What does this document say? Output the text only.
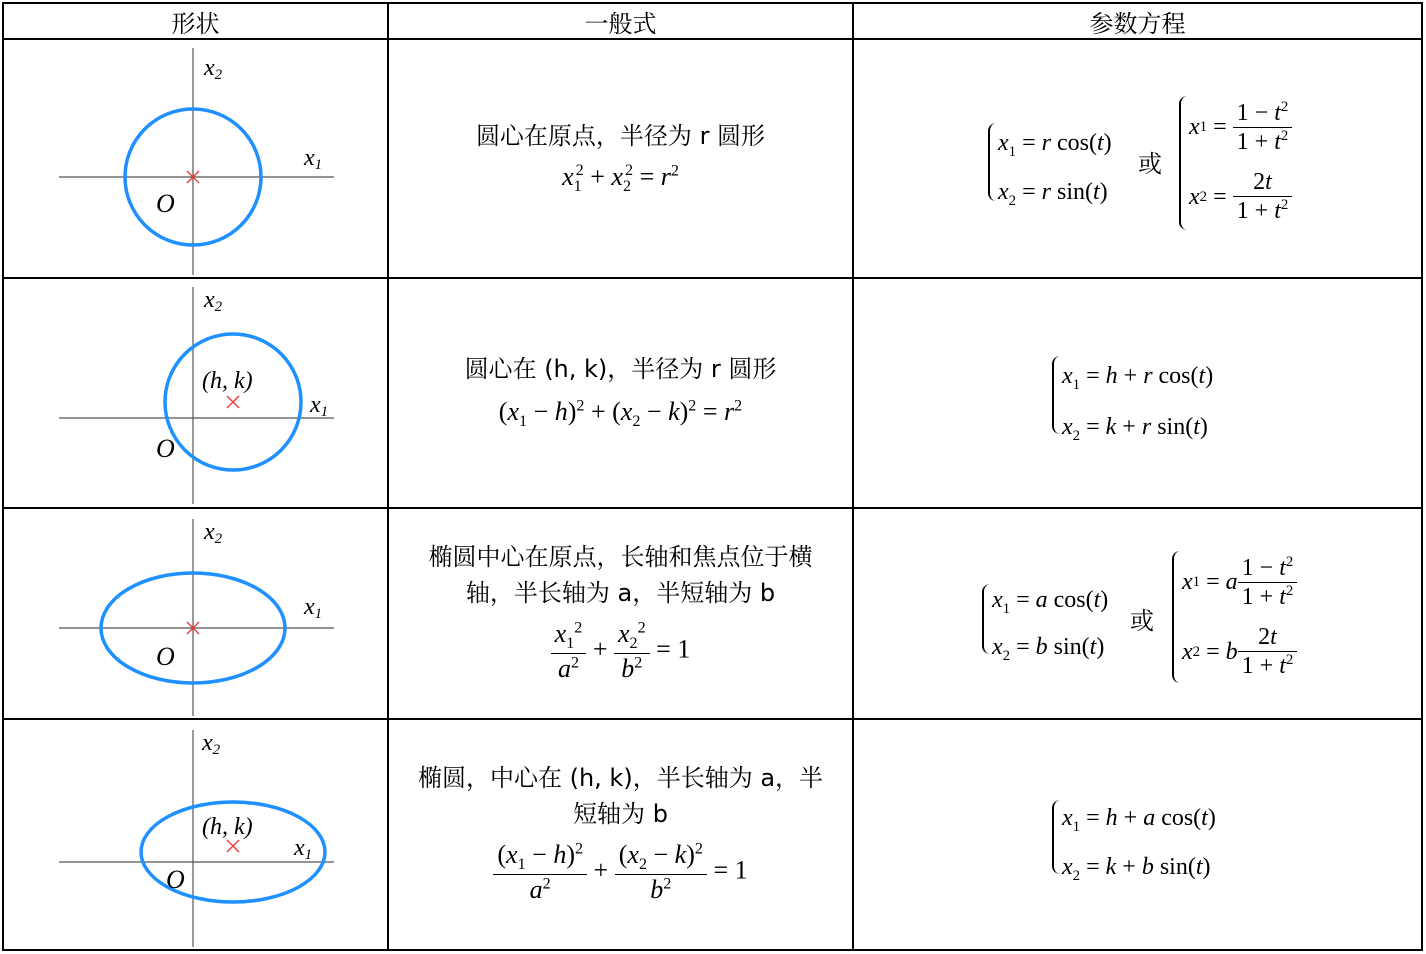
形状	一般式	参数方程
x2
x1
O
圆心在原点，半径为 r 圆形
$x_1^2 + x_2^2 = r^2$
$x_1 = r$ cos(t)
$x_2 = r$ sin(t)
或
x $1 = \frac{1 - t^2}{1 + t^2}$
x $2 = \frac{2t}{1 + t^2}$
(h, k)
x2
x1
O
圆心在 (h, k)，半径为 r 圆形
$(x_1 - h)^2 + (x_2 - k)^2 = r^2$
$x_1 = h + r$ cos(t)
$x_2 = k + r$ sin(t)
x2
x1
O
椭圆中心在原点，长轴和焦点位于横
轴，半长轴为 a，半短轴为 b
$\frac{x_1^2}{a^2} + \frac{x_2^2}{b^2} = 1$
$x_1 = a$ cos(t)
$x_2 = b$ sin(t)
或
x 1 = a $\frac{1 - t^2}{1 + t^2}$
x 2 = b $\frac{2t}{1 + t^2}$
(h, k)
x2
x1
O
椭圆，中心在 (h, k)，半长轴为 a，半
短轴为 b
$\frac{(x_1 - h)^2}{a^2} + \frac{(x_2 - k)^2}{b^2} = 1$
$x_1 = h + a$ cos(t)
$x_2 = k + b$ sin(t)
